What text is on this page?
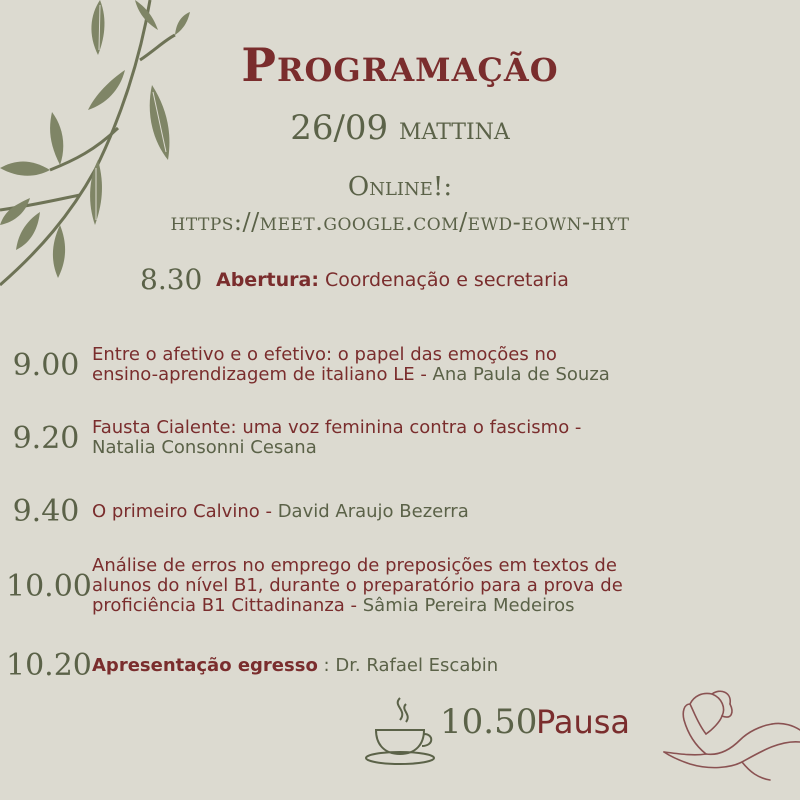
Programação
26/09 mattina
Online!:
https://meet.google.com/ewd-eown-hyt
8.30 Abertura: Coordenação e secretaria
9.00 Entre o afetivo e o efetivo: o papel das emoções no
ensino-aprendizagem de italiano LE - Ana Paula de Souza
9.20 Fausta Cialente: uma voz feminina contra o fascismo -
Natalia Consonni Cesana
9.40 O primeiro Calvino - David Araujo Bezerra
10.00
Análise de erros no emprego de preposições em textos de
alunos do nível B1, durante o preparatório para a prova de
proficiência B1 Cittadinanza - Sâmia Pereira Medeiros
10.20 Apresentação egresso : Dr. Rafael Escabin
10.50
Pausa
